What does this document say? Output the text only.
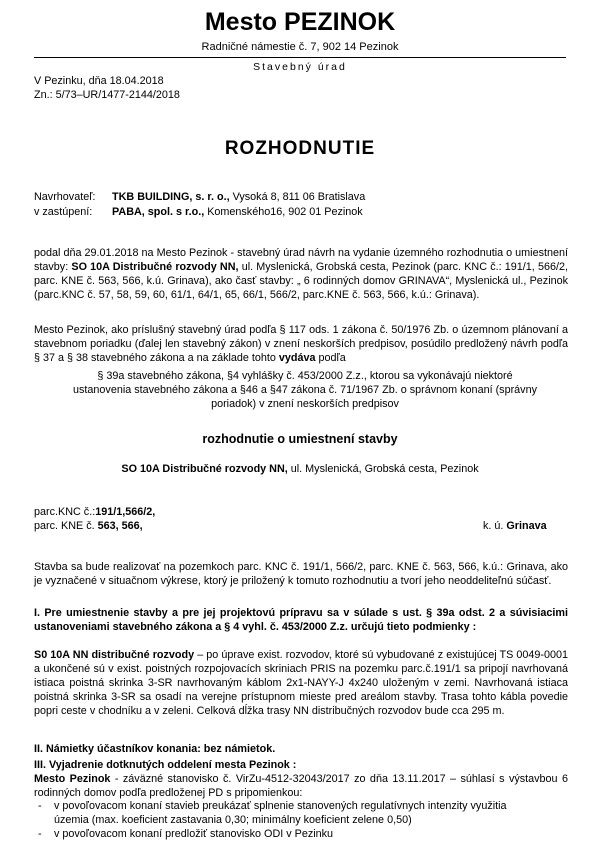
Mesto PEZINOK
Radničné námestie č. 7, 902 14 Pezinok
Stavebný úrad
V Pezinku, dňa 18.04.2018
Zn.: 5/73–UR/1477-2144/2018
ROZHODNUTIE
Navrhovateľ: TKB BUILDING, s. r. o., Vysoká 8, 811 06 Bratislava
v zastúpení: PABA, spol. s r.o., Komenského16, 902 01 Pezinok
podal dňa 29.01.2018 na Mesto Pezinok - stavebný úrad návrh na vydanie územného rozhodnutia o umiestnení stavby: SO 10A Distribučné rozvody NN, ul. Myslenická, Grobská cesta, Pezinok (parc. KNC č.: 191/1, 566/2, parc. KNE č. 563, 566, k.ú. Grinava), ako časť stavby: „ 6 rodinných domov GRINAVA“, Myslenická ul., Pezinok (parc.KNC č. 57, 58, 59, 60, 61/1, 64/1, 65, 66/1, 566/2, parc.KNE č. 563, 566, k.ú.: Grinava).
Mesto Pezinok, ako príslušný stavebný úrad podľa § 117 ods. 1 zákona č. 50/1976 Zb. o územnom plánovaní a stavebnom poriadku (ďalej len stavebný zákon) v znení neskorších predpisov, posúdilo predložený návrh podľa § 37 a § 38 stavebného zákona a na základe tohto vydáva podľa
§ 39a stavebného zákona, §4 vyhlášky č. 453/2000 Z.z., ktorou sa vykonávajú niektoré ustanovenia stavebného zákona a §46 a §47 zákona č. 71/1967 Zb. o správnom konaní (správny poriadok) v znení neskorších predpisov
rozhodnutie o umiestnení stavby
SO 10A Distribučné rozvody NN, ul. Myslenická, Grobská cesta, Pezinok
parc.KNC č.:191/1,566/2,
parc. KNE č. 563, 566,	k. ú. Grinava
Stavba sa bude realizovať na pozemkoch parc. KNC č. 191/1, 566/2, parc. KNE č. 563, 566, k.ú.: Grinava, ako je vyznačené v situačnom výkrese, ktorý je priložený k tomuto rozhodnutiu a tvorí jeho neoddeliteľnú súčasť.
I. Pre umiestnenie stavby a pre jej projektovú prípravu sa v súlade s ust. § 39a odst. 2 a súvisiacimi ustanoveniami stavebného zákona a § 4 vyhl. č. 453/2000 Z.z. určujú tieto podmienky :
S0 10A NN distribučné rozvody – po úprave exist. rozvodov, ktoré sú vybudované z existujúcej TS 0049-0001 a ukončené sú v exist. poistných rozpojovacích skriniach PRIS na pozemku parc.č.191/1 sa pripojí navrhovaná istiaca poistná skrinka 3-SR navrhovaným káblom 2x1-NAYY-J 4x240 uloženým v zemi. Navrhovaná istiaca poistná skrinka 3-SR sa osadí na verejne prístupnom mieste pred areálom stavby. Trasa tohto kábla povedie popri ceste v chodníku a v zeleni. Celková dĺžka trasy NN distribučných rozvodov bude cca 295 m.
II. Námietky účastníkov konania: bez námietok.
III. Vyjadrenie dotknutých oddelení mesta Pezinok :
Mesto Pezinok - záväzné stanovisko č. VirZu-4512-32043/2017 zo dňa 13.11.2017 – súhlasí s výstavbou 6 rodinných domov podľa predloženej PD s pripomienkou:
- v povoľovacom konaní stavieb preukázať splnenie stanovených regulatívnych intenzity využitia územia (max. koeficient zastavania 0,30; minimálny koeficient zelene 0,50)
- v povoľovacom konaní predložiť stanovisko ODI v Pezinku
